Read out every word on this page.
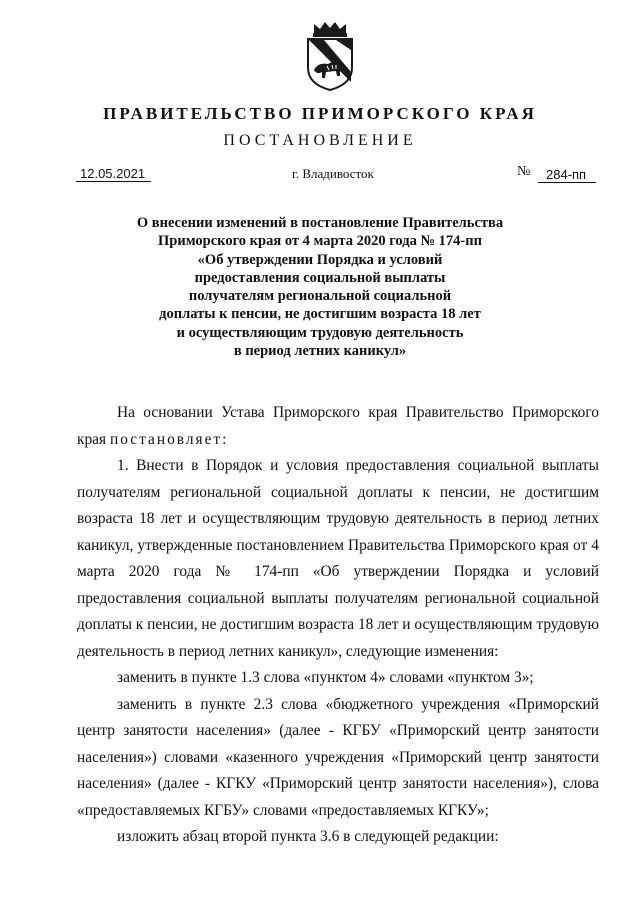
ПРАВИТЕЛЬСТВО ПРИМОРСКОГО КРАЯ
ПОСТАНОВЛЕНИЕ
12.05.2021	г. Владивосток	№	284-пп
О внесении изменений в постановление Правительства
Приморского края от 4 марта 2020 года № 174-пп
«Об утверждении Порядка и условий
предоставления социальной выплаты
получателям региональной социальной
доплаты к пенсии, не достигшим возраста 18 лет
и осуществляющим трудовую деятельность
в период летних каникул»

На основании Устава Приморского края Правительство Приморского края постановляет:

1. Внести в Порядок и условия предоставления социальной выплаты получателям региональной социальной доплаты к пенсии, не достигшим возраста 18 лет и осуществляющим трудовую деятельность в период летних каникул, утвержденные постановлением Правительства Приморского края от 4 марта 2020 года № 174-пп «Об утверждении Порядка и условий предоставления социальной выплаты получателям региональной социальной доплаты к пенсии, не достигшим возраста 18 лет и осуществляющим трудовую деятельность в период летних каникул», следующие изменения:

заменить в пункте 1.3 слова «пунктом 4» словами «пунктом 3»;

заменить в пункте 2.3 слова «бюджетного учреждения «Приморский центр занятости населения» (далее - КГБУ «Приморский центр занятости населения») словами «казенного учреждения «Приморский центр занятости населения» (далее - КГКУ «Приморский центр занятости населения»), слова «предоставляемых КГБУ» словами «предоставляемых КГКУ»;

изложить абзац второй пункта 3.6 в следующей редакции:
